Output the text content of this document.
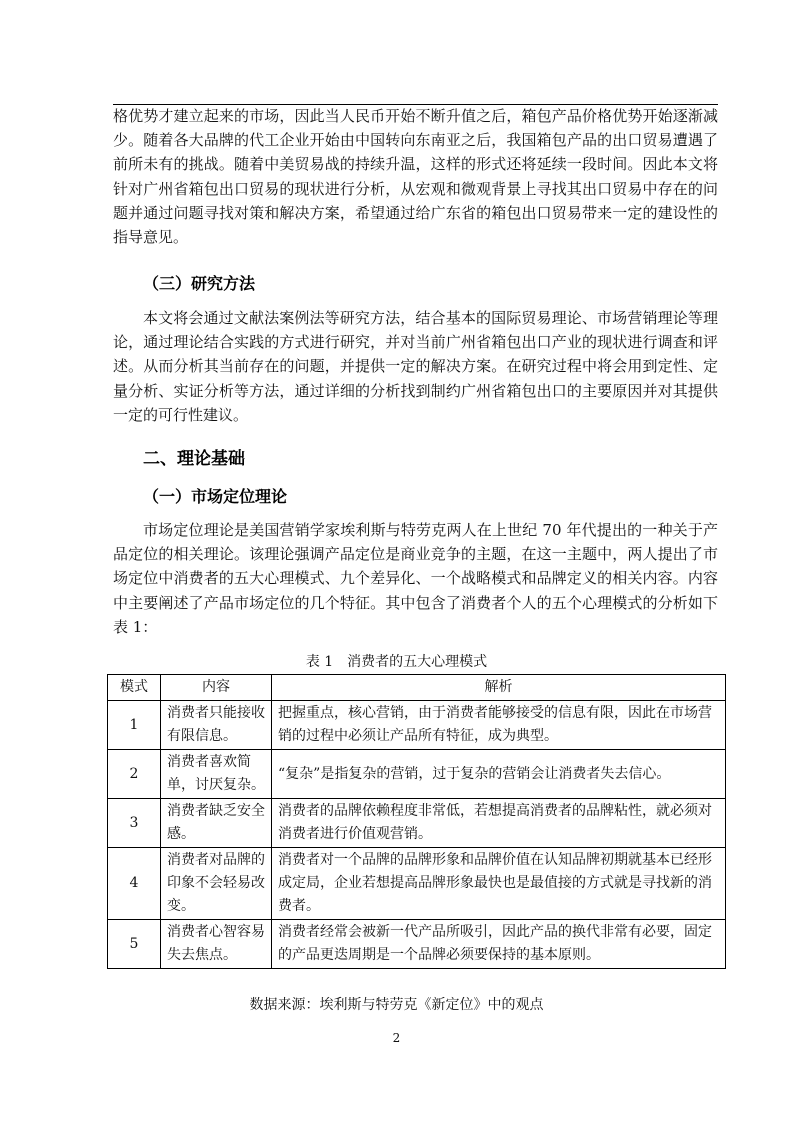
格优势才建立起来的市场，因此当人民币开始不断升值之后，箱包产品价格优势开始逐渐减少。随着各大品牌的代工企业开始由中国转向东南亚之后，我国箱包产品的出口贸易遭遇了前所未有的挑战。随着中美贸易战的持续升温，这样的形式还将延续一段时间。因此本文将针对广州省箱包出口贸易的现状进行分析，从宏观和微观背景上寻找其出口贸易中存在的问题并通过问题寻找对策和解决方案，希望通过给广东省的箱包出口贸易带来一定的建设性的指导意见。

（三）研究方法

本文将会通过文献法案例法等研究方法，结合基本的国际贸易理论、市场营销理论等理论，通过理论结合实践的方式进行研究，并对当前广州省箱包出口产业的现状进行调查和评述。从而分析其当前存在的问题，并提供一定的解决方案。在研究过程中将会用到定性、定量分析、实证分析等方法，通过详细的分析找到制约广州省箱包出口的主要原因并对其提供一定的可行性建议。

二、理论基础
（一）市场定位理论

市场定位理论是美国营销学家埃利斯与特劳克两人在上世纪 70 年代提出的一种关于产品定位的相关理论。该理论强调产品定位是商业竞争的主题，在这一主题中，两人提出了市场定位中消费者的五大心理模式、九个差异化、一个战略模式和品牌定义的相关内容。内容中主要阐述了产品市场定位的几个特征。其中包含了消费者个人的五个心理模式的分析如下表 1：

表 1　消费者的五大心理模式

模式	内容	解析
1	消费者只能接收有限信息。	把握重点，核心营销，由于消费者能够接受的信息有限，因此在市场营销的过程中必须让产品所有特征，成为典型。
2	消费者喜欢简单，讨厌复杂。	“复杂”是指复杂的营销，过于复杂的营销会让消费者失去信心。
3	消费者缺乏安全感。	消费者的品牌依赖程度非常低，若想提高消费者的品牌粘性，就必须对消费者进行价值观营销。
4	消费者对品牌的印象不会轻易改变。	消费者对一个品牌的品牌形象和品牌价值在认知品牌初期就基本已经形成定局，企业若想提高品牌形象最快也是最值接的方式就是寻找新的消费者。
5	消费者心智容易失去焦点。	消费者经常会被新一代产品所吸引，因此产品的换代非常有必要，固定的产品更迭周期是一个品牌必须要保持的基本原则。

数据来源：埃利斯与特劳克《新定位》中的观点

2
